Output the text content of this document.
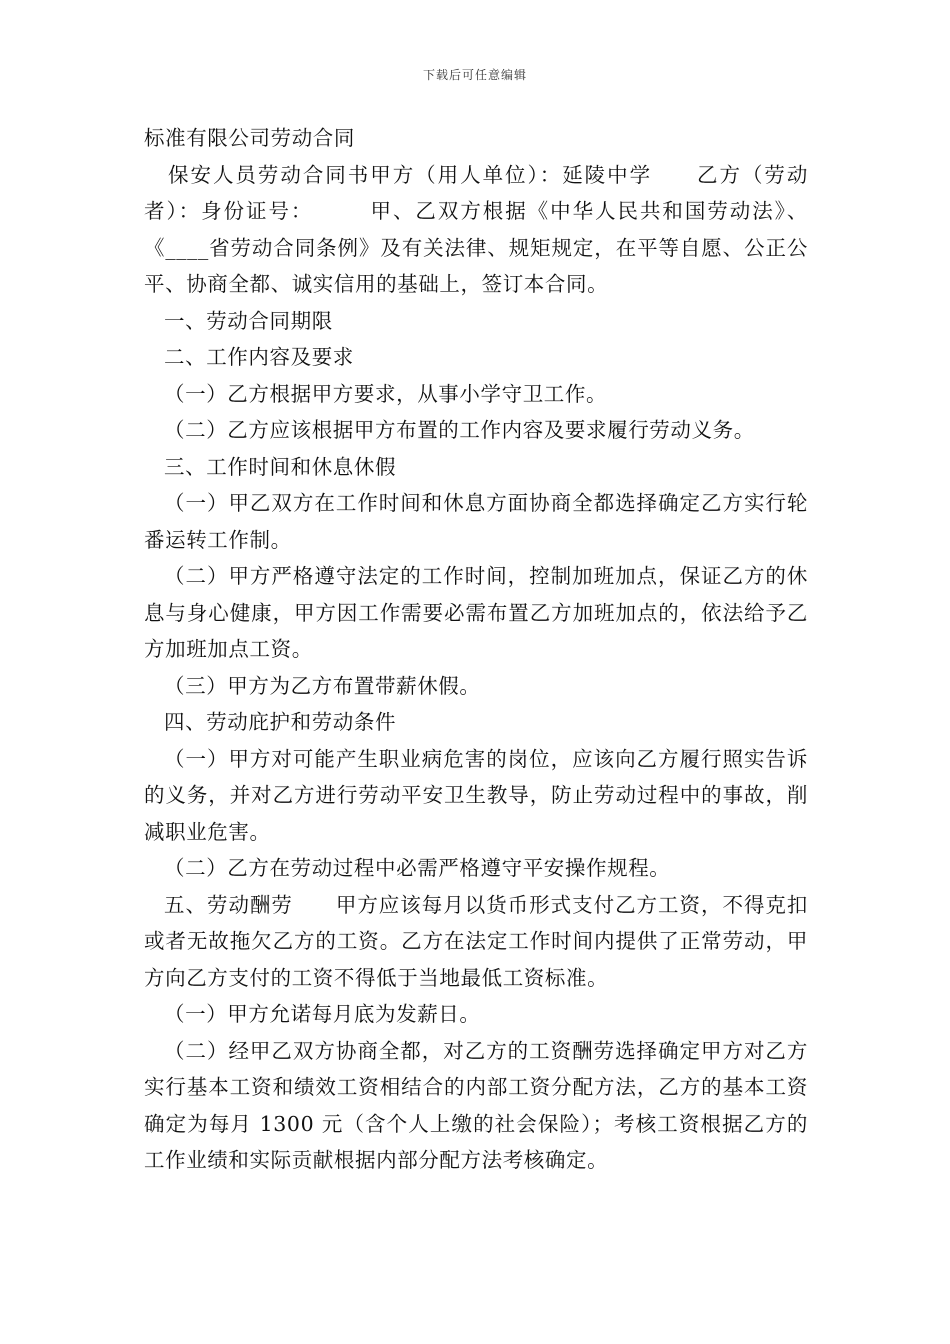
下载后可任意编辑

标准有限公司劳动合同

保安人员劳动合同书甲方（用人单位）：延陵中学　　乙方（劳动者）：身份证号：　　　甲、乙双方根据《中华人民共和国劳动法》、《____省劳动合同条例》及有关法律、规矩规定，在平等自愿、公正公平、协商全都、诚实信用的基础上，签订本合同。

一、劳动合同期限

二、工作内容及要求

（一）乙方根据甲方要求，从事小学守卫工作。

（二）乙方应该根据甲方布置的工作内容及要求履行劳动义务。

三、工作时间和休息休假

（一）甲乙双方在工作时间和休息方面协商全都选择确定乙方实行轮番运转工作制。

（二）甲方严格遵守法定的工作时间，控制加班加点，保证乙方的休息与身心健康，甲方因工作需要必需布置乙方加班加点的，依法给予乙方加班加点工资。

（三）甲方为乙方布置带薪休假。

四、劳动庇护和劳动条件

（一）甲方对可能产生职业病危害的岗位，应该向乙方履行照实告诉的义务，并对乙方进行劳动平安卫生教导，防止劳动过程中的事故，削减职业危害。

（二）乙方在劳动过程中必需严格遵守平安操作规程。

五、劳动酬劳　　甲方应该每月以货币形式支付乙方工资，不得克扣或者无故拖欠乙方的工资。乙方在法定工作时间内提供了正常劳动，甲方向乙方支付的工资不得低于当地最低工资标准。

（一）甲方允诺每月底为发薪日。

（二）经甲乙双方协商全都，对乙方的工资酬劳选择确定甲方对乙方实行基本工资和绩效工资相结合的内部工资分配方法，乙方的基本工资确定为每月 1300 元（含个人上缴的社会保险）；考核工资根据乙方的工作业绩和实际贡献根据内部分配方法考核确定。
